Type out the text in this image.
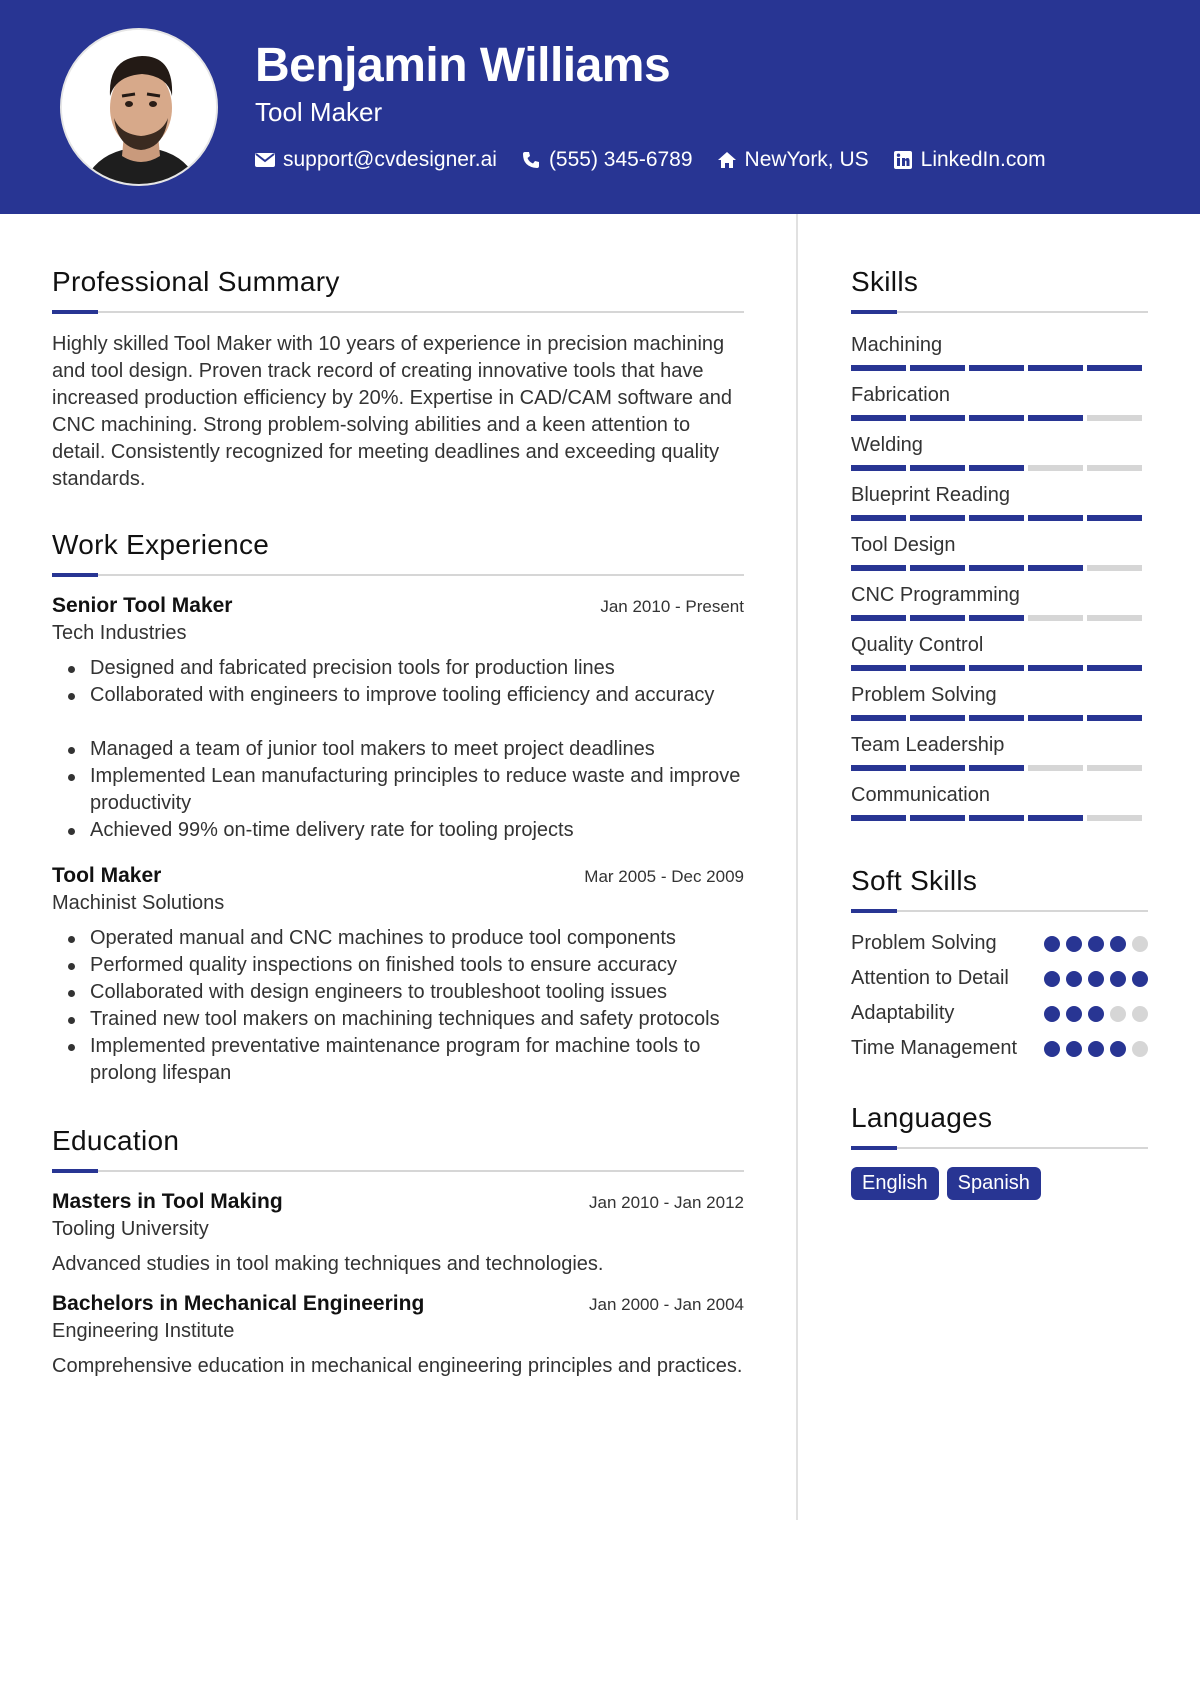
Benjamin Williams
Tool Maker
support@cvdesigner.ai (555) 345-6789 NewYork, US LinkedIn.com
Professional Summary

Highly skilled Tool Maker with 10 years of experience in precision machining and tool design. Proven track record of creating innovative tools that have increased production efficiency by 20%. Expertise in CAD/CAM software and CNC machining. Strong problem-solving abilities and a keen attention to detail. Consistently recognized for meeting deadlines and exceeding quality standards.

Work Experience
Senior Tool Maker	Jan 2010 - Present
Tech Industries
Designed and fabricated precision tools for production lines
Collaborated with engineers to improve tooling efficiency and accuracy
Managed a team of junior tool makers to meet project deadlines
Implemented Lean manufacturing principles to reduce waste and improve productivity
Achieved 99% on-time delivery rate for tooling projects
Tool Maker	Mar 2005 - Dec 2009
Machinist Solutions
Operated manual and CNC machines to produce tool components
Performed quality inspections on finished tools to ensure accuracy
Collaborated with design engineers to troubleshoot tooling issues
Trained new tool makers on machining techniques and safety protocols
Implemented preventative maintenance program for machine tools to prolong lifespan
Education
Masters in Tool Making	Jan 2010 - Jan 2012
Tooling University

Advanced studies in tool making techniques and technologies.

Bachelors in Mechanical Engineering	Jan 2000 - Jan 2004
Engineering Institute

Comprehensive education in mechanical engineering principles and practices.

Skills
Machining
Fabrication
Welding
Blueprint Reading
Tool Design
CNC Programming
Quality Control
Problem Solving
Team Leadership
Communication
Soft Skills
Problem Solving
Attention to Detail
Adaptability
Time Management
Languages
English	Spanish
